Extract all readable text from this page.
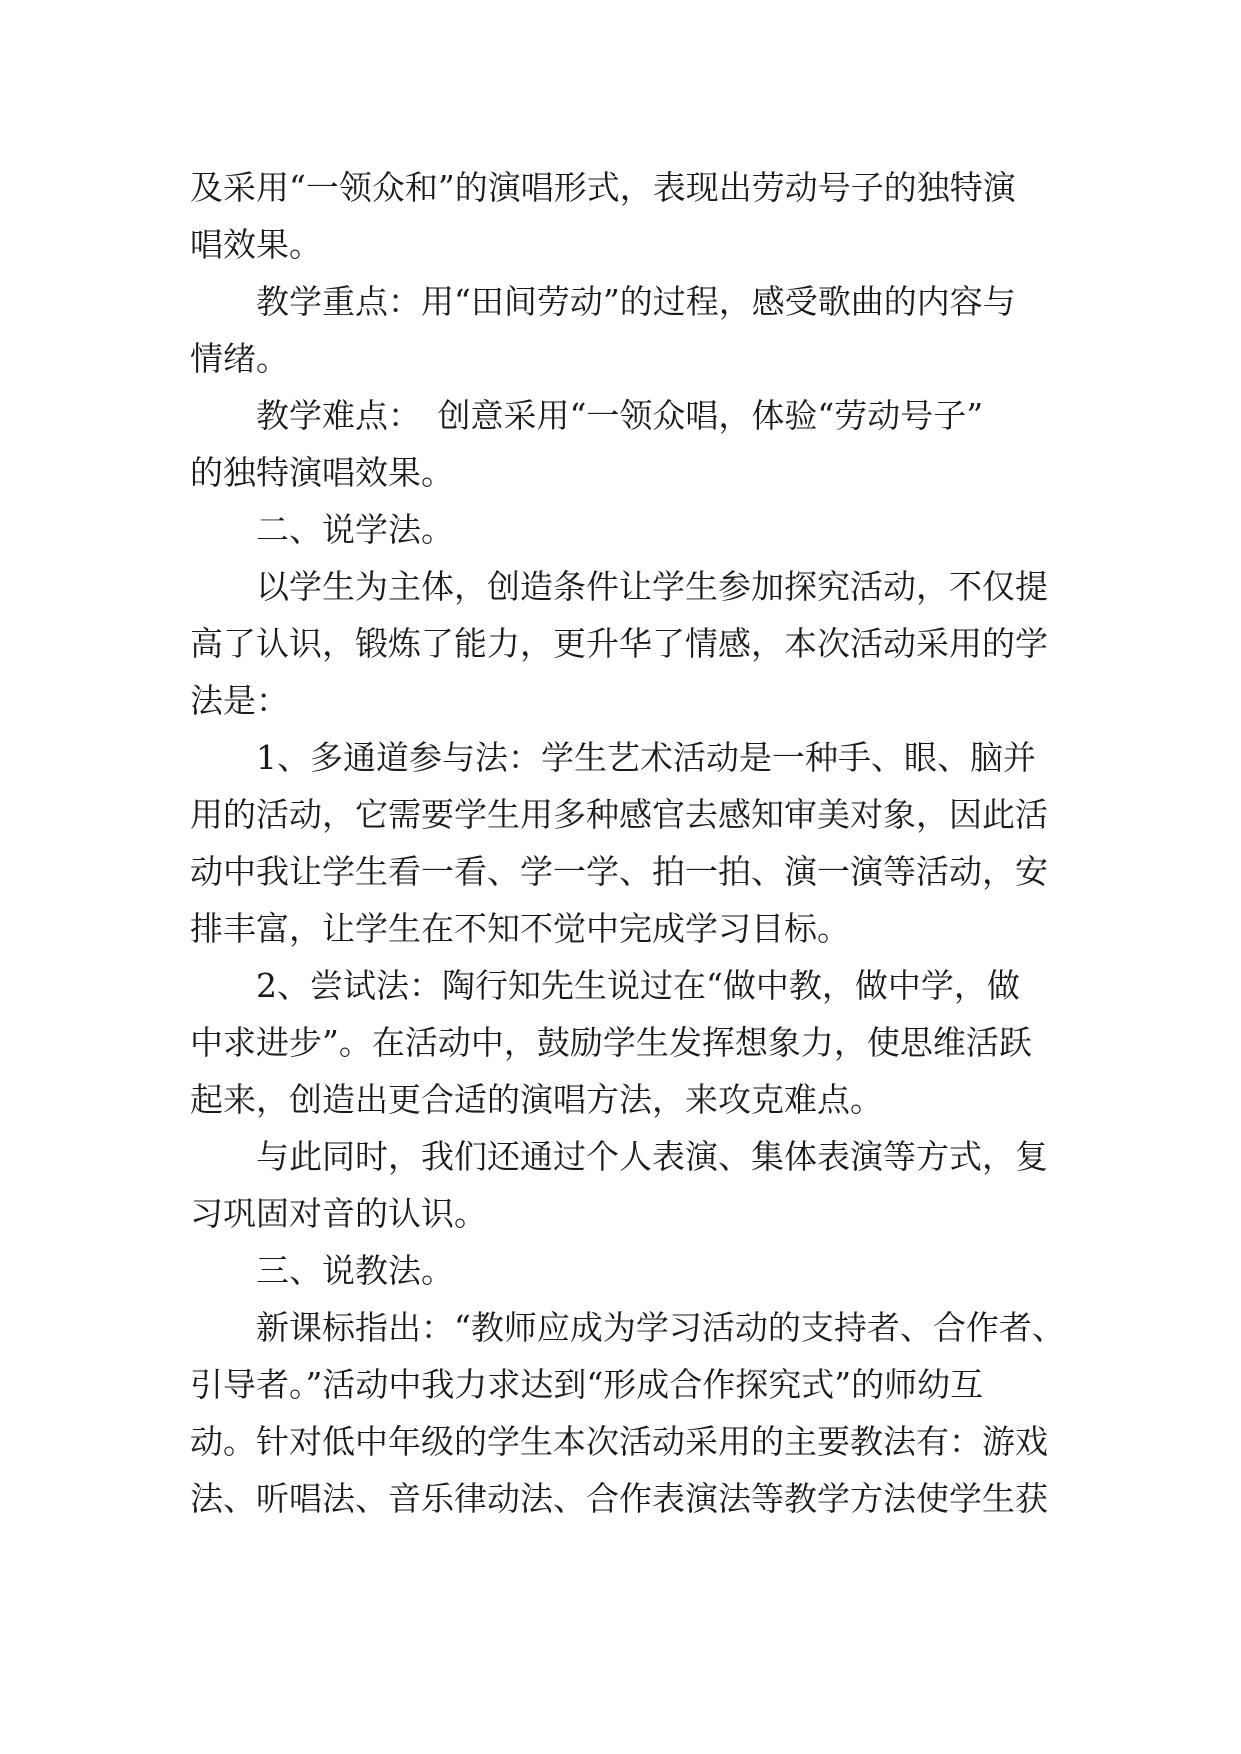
及采用“一领众和”的演唱形式，表现出劳动号子的独特演
唱效果。
教学重点：用“田间劳动”的过程，感受歌曲的内容与
情绪。
教学难点：　创意采用“一领众唱，体验“劳动号子”
的独特演唱效果。
二、说学法。
以学生为主体，创造条件让学生参加探究活动，不仅提
高了认识，锻炼了能力，更升华了情感，本次活动采用的学
法是：
1、多通道参与法：学生艺术活动是一种手、眼、脑并
用的活动，它需要学生用多种感官去感知审美对象，因此活
动中我让学生看一看、学一学、拍一拍、演一演等活动，安
排丰富，让学生在不知不觉中完成学习目标。
2、尝试法：陶行知先生说过在“做中教，做中学，做
中求进步”。在活动中，鼓励学生发挥想象力，使思维活跃
起来，创造出更合适的演唱方法，来攻克难点。
与此同时，我们还通过个人表演、集体表演等方式，复
习巩固对音的认识。
三、说教法。
新课标指出：“教师应成为学习活动的支持者、合作者、
引导者。”活动中我力求达到“形成合作探究式”的师幼互
动。针对低中年级的学生本次活动采用的主要教法有：游戏
法、听唱法、音乐律动法、合作表演法等教学方法使学生获
